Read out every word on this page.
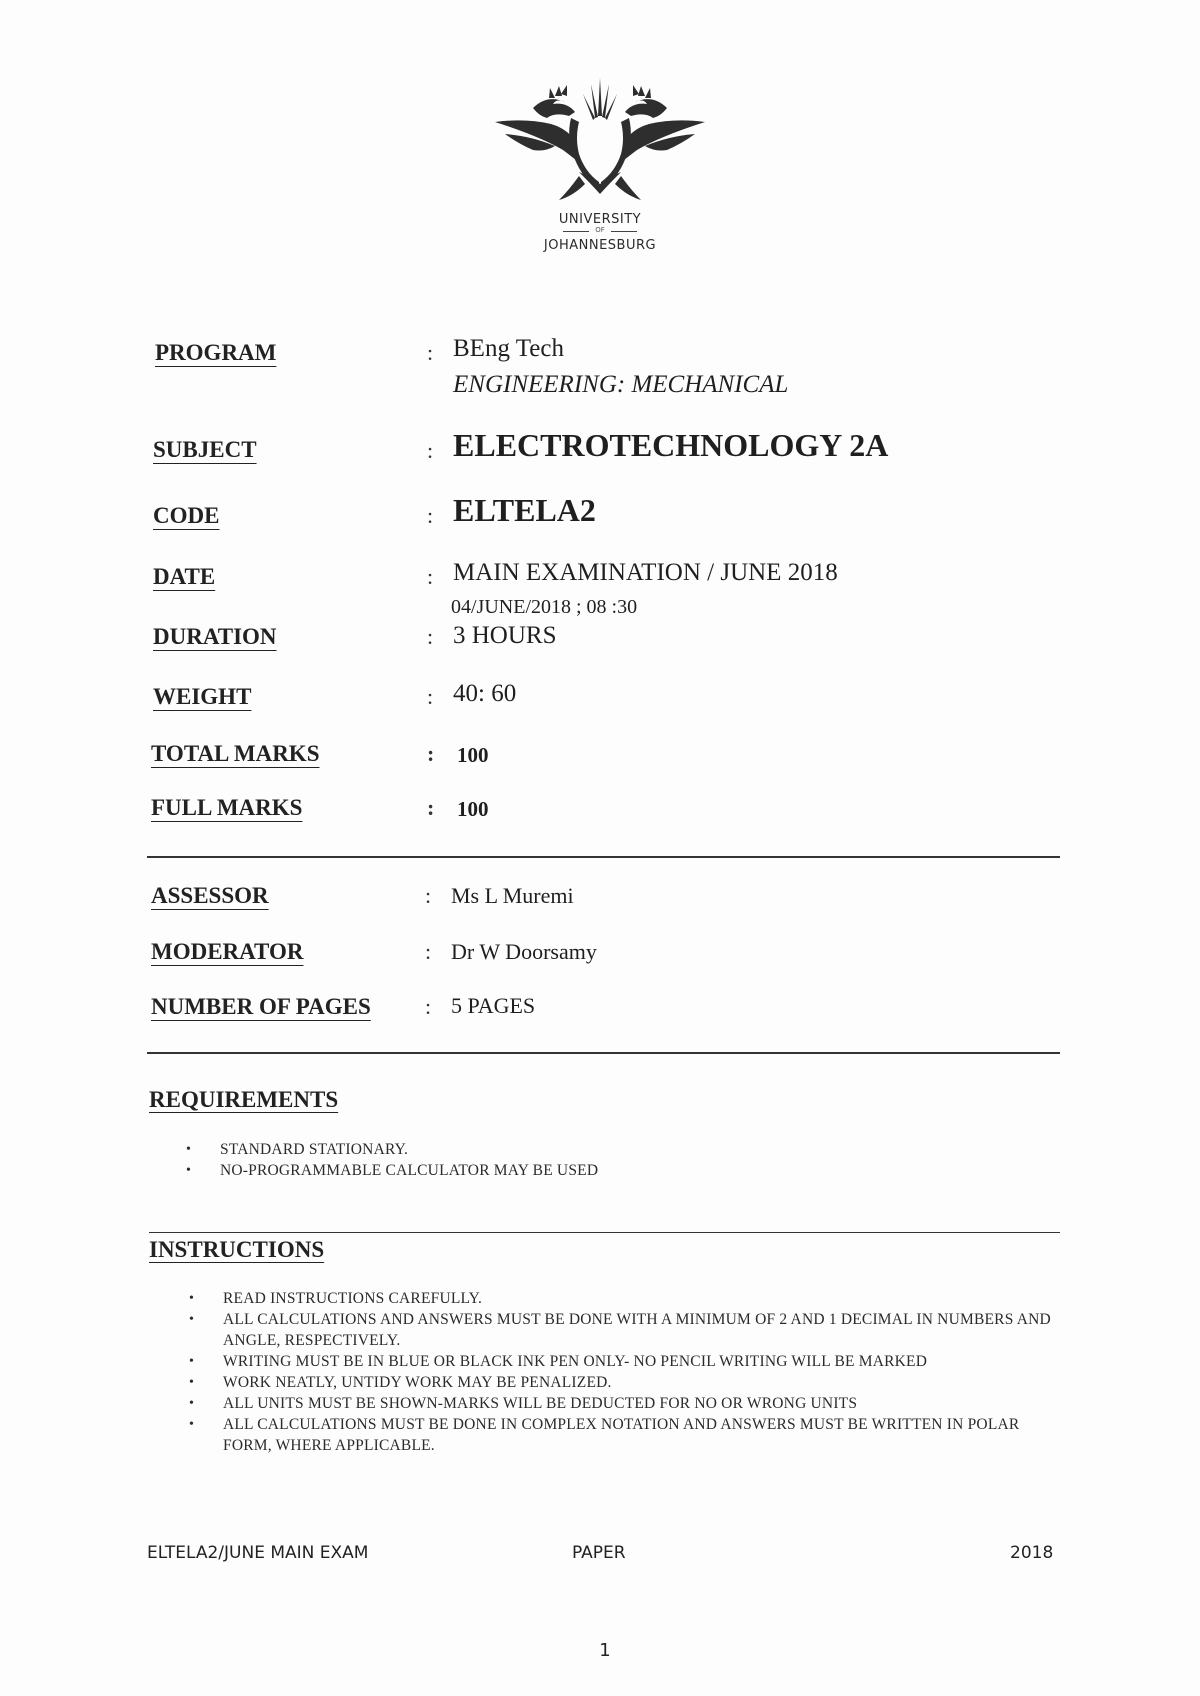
UNIVERSITY
OF
JOHANNESBURG
PROGRAM	: BEng Tech
ENGINEERING: MECHANICAL
SUBJECT	: ELECTROTECHNOLOGY 2A
CODE	: ELTELA2
DATE	: MAIN EXAMINATION / JUNE 2018
04/JUNE/2018 ; 08 :30
DURATION	: 3 HOURS
WEIGHT	: 40: 60
TOTAL MARKS	: 100
FULL MARKS	: 100
ASSESSOR	: Ms L Muremi
MODERATOR	: Dr W Doorsamy
NUMBER OF PAGES : 5 PAGES
REQUIREMENTS
• STANDARD STATIONARY.
• NO-PROGRAMMABLE CALCULATOR MAY BE USED
INSTRUCTIONS
• READ INSTRUCTIONS CAREFULLY.
• ALL CALCULATIONS AND ANSWERS MUST BE DONE WITH A MINIMUM OF 2 AND 1 DECIMAL IN NUMBERS AND ANGLE, RESPECTIVELY.
• WRITING MUST BE IN BLUE OR BLACK INK PEN ONLY- NO PENCIL WRITING WILL BE MARKED
• WORK NEATLY, UNTIDY WORK MAY BE PENALIZED.
• ALL UNITS MUST BE SHOWN-MARKS WILL BE DEDUCTED FOR NO OR WRONG UNITS
• ALL CALCULATIONS MUST BE DONE IN COMPLEX NOTATION AND ANSWERS MUST BE WRITTEN IN POLAR FORM, WHERE APPLICABLE.
ELTELA2/JUNE MAIN EXAM	PAPER	2018
1
